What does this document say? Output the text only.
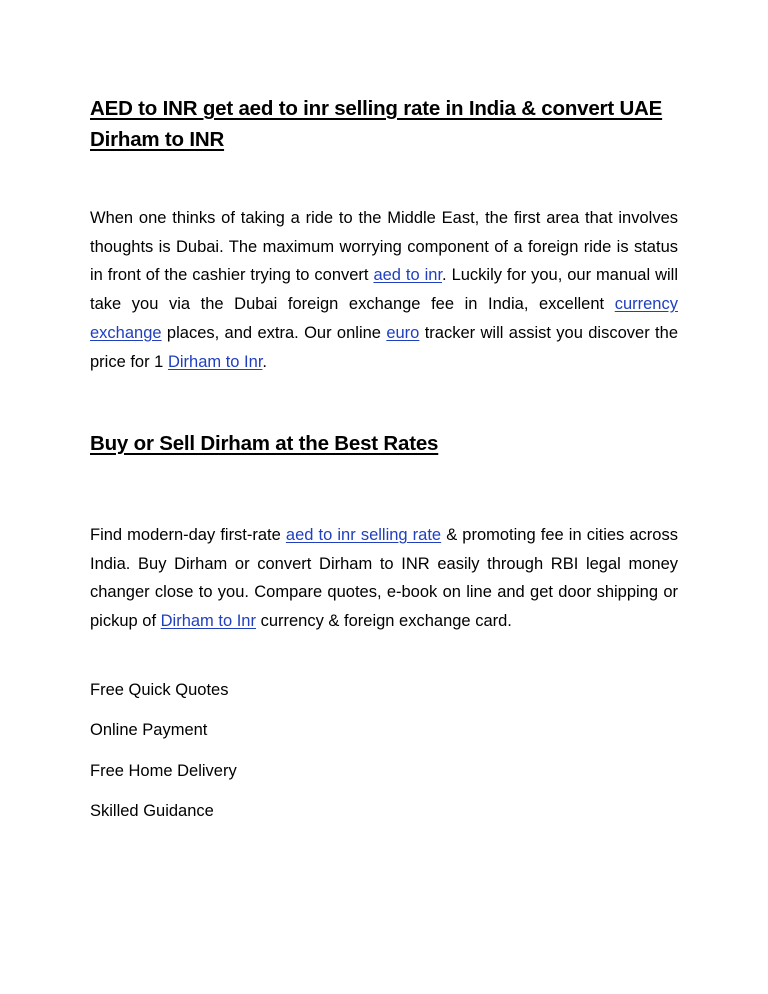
AED to INR get aed to inr selling rate in India & convert UAE Dirham to INR

When one thinks of taking a ride to the Middle East, the first area that involves thoughts is Dubai. The maximum worrying component of a foreign ride is status in front of the cashier trying to convert aed to inr. Luckily for you, our manual will take you via the Dubai foreign exchange fee in India, excellent currency exchange places, and extra. Our online euro tracker will assist you discover the price for 1 Dirham to Inr.

Buy or Sell Dirham at the Best Rates

Find modern-day first-rate aed to inr selling rate & promoting fee in cities across India. Buy Dirham or convert Dirham to INR easily through RBI legal money changer close to you. Compare quotes, e-book on line and get door shipping or pickup of Dirham to Inr currency & foreign exchange card.

Free Quick Quotes

Online Payment

Free Home Delivery

Skilled Guidance
